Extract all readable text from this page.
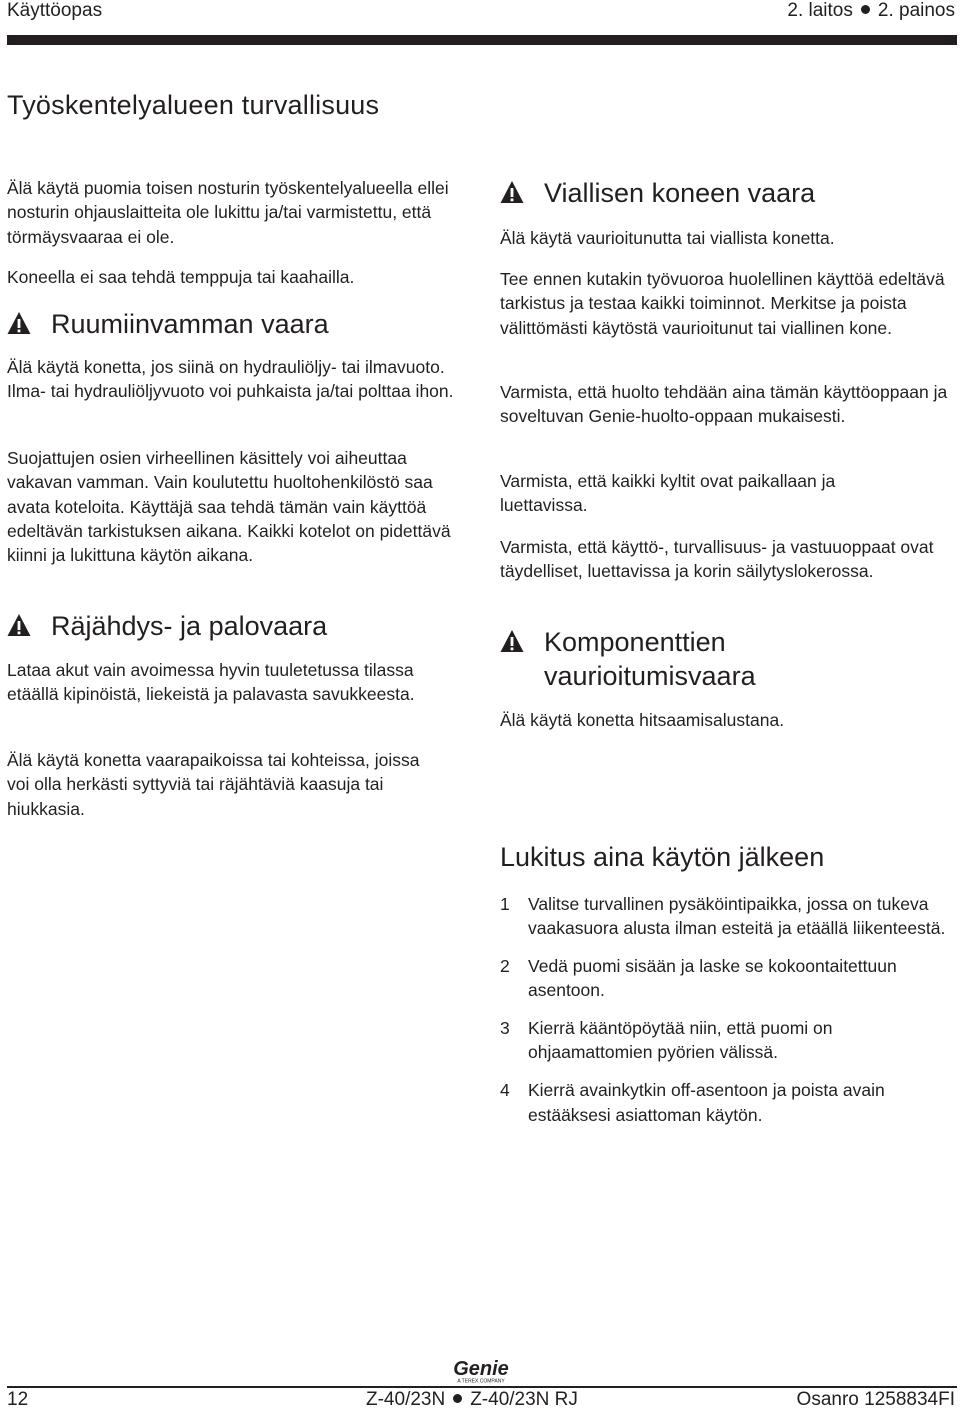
Käyttöopas	2. laitos 2. painos
Työskentelyalueen turvallisuus

Älä käytä puomia toisen nosturin työskentelyalueella ellei nosturin ohjauslaitteita ole lukittu ja/tai varmistettu, että törmäysvaaraa ei ole.

Koneella ei saa tehdä temppuja tai kaahailla.

Ruumiinvamman vaara

Älä käytä konetta, jos siinä on hydrauliöljy- tai ilmavuoto. Ilma- tai hydrauliöljyvuoto voi puhkaista ja/tai polttaa ihon.

Suojattujen osien virheellinen käsittely voi aiheuttaa vakavan vamman. Vain koulutettu huoltohenkilöstö saa avata koteloita. Käyttäjä saa tehdä tämän vain käyttöä edeltävän tarkistuksen aikana. Kaikki kotelot on pidettävä kiinni ja lukittuna käytön aikana.

Räjähdys- ja palovaara

Lataa akut vain avoimessa hyvin tuuletetussa tilassa etäällä kipinöistä, liekeistä ja palavasta savukkeesta.

Älä käytä konetta vaarapaikoissa tai kohteissa, joissa voi olla herkästi syttyviä tai räjähtäviä kaasuja tai hiukkasia.

Viallisen koneen vaara

Älä käytä vaurioitunutta tai viallista konetta.

Tee ennen kutakin työvuoroa huolellinen käyttöä edeltävä tarkistus ja testaa kaikki toiminnot. Merkitse ja poista välittömästi käytöstä vaurioitunut tai viallinen kone.

Varmista, että huolto tehdään aina tämän käyttöoppaan ja soveltuvan Genie-huolto-oppaan mukaisesti.

Varmista, että kaikki kyltit ovat paikallaan ja luettavissa.

Varmista, että käyttö-, turvallisuus- ja vastuuoppaat ovat täydelliset, luettavissa ja korin säilytyslokerossa.

Komponenttien
vaurioitumisvaara

Älä käytä konetta hitsaamisalustana.

Lukitus aina käytön jälkeen
1	Valitse turvallinen pysäköintipaikka, jossa on tukeva vaakasuora alusta ilman esteitä ja etäällä liikenteestä.
2	Vedä puomi sisään ja laske se kokoontaitettuun asentoon.
3	Kierrä kääntöpöytää niin, että puomi on ohjaamattomien pyörien välissä.
4	Kierrä avainkytkin off-asentoon ja poista avain estääksesi asiattoman käytön.
Genie
A TEREX COMPANY
12	Z-40/23N Z-40/23N RJ	Osanro 1258834FI
